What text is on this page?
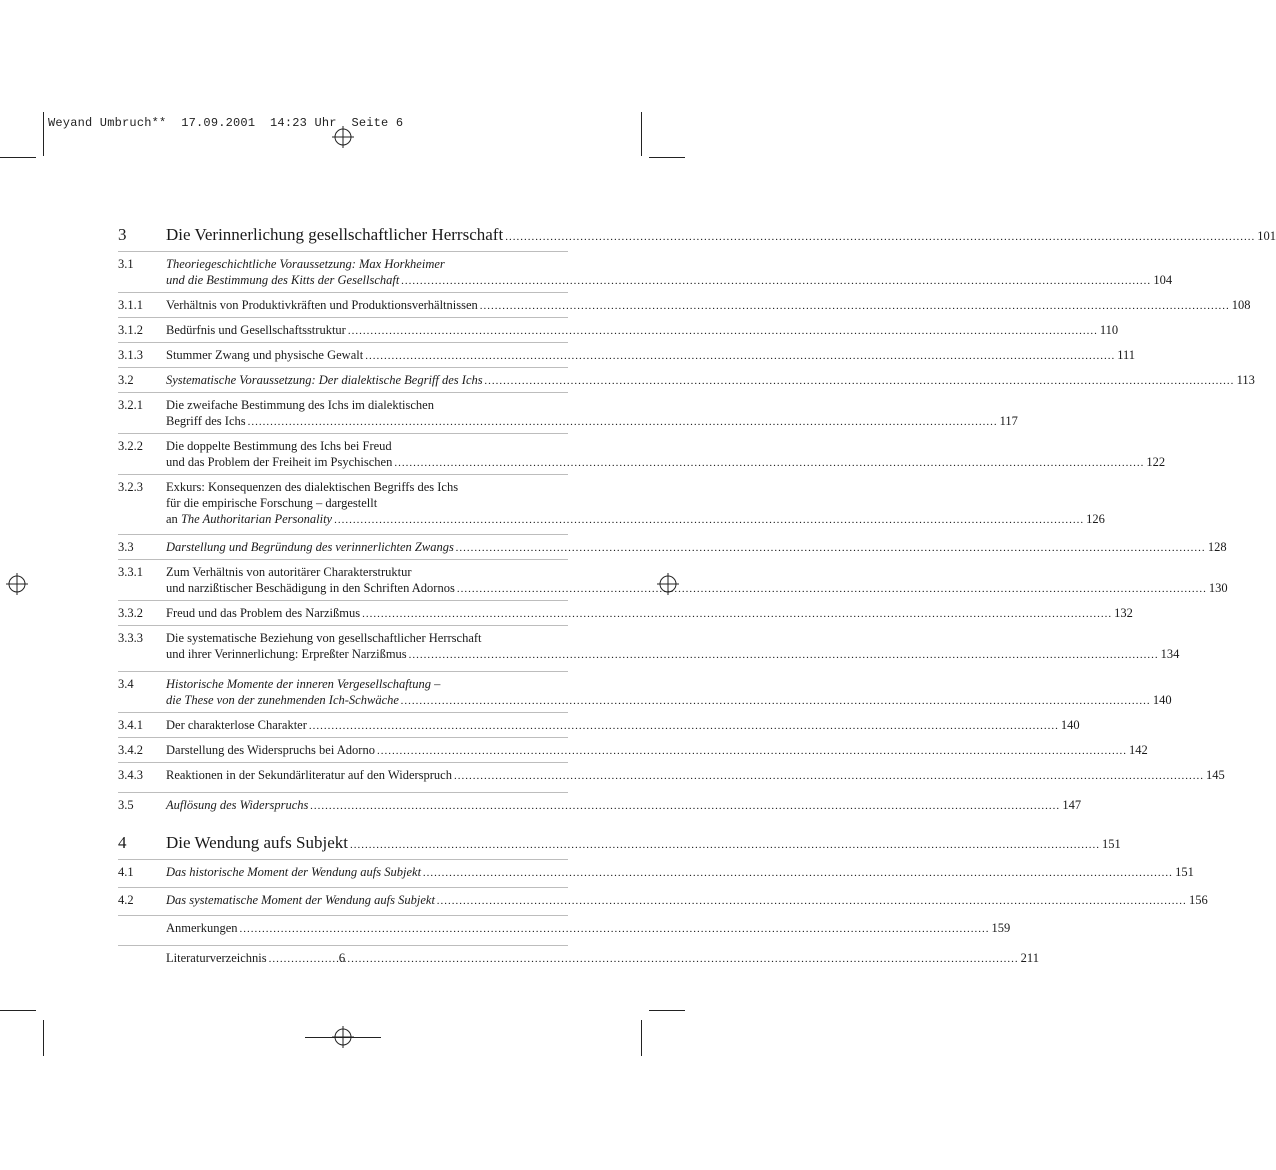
Weyand Umbruch**  17.09.2001  14:23 Uhr  Seite 6
3 Die Verinnerlichung gesellschaftlicher Herrschaft .....	101
3.1	Theoriegeschichtliche Voraussetzung: Max Horkheimer
und die Bestimmung des Kitts der Gesellschaft .....	104
3.1.1 Verhältnis von Produktivkräften und Produktionsverhältnissen .....	108
3.1.2 Bedürfnis und Gesellschaftsstruktur .....	110
3.1.3 Stummer Zwang und physische Gewalt .....	111
3.2	Systematische Voraussetzung: Der dialektische Begriff des Ichs .....	113
3.2.1 Die zweifache Bestimmung des Ichs im dialektischen
Begriff des Ichs .....	117
3.2.2 Die doppelte Bestimmung des Ichs bei Freud
und das Problem der Freiheit im Psychischen .....	122
3.2.3 Exkurs: Konsequenzen des dialektischen Begriffs des Ichs
für die empirische Forschung – dargestellt
an The Authoritarian Personality .....	126
3.3	Darstellung und Begründung des verinnerlichten Zwangs .....	128
3.3.1 Zum Verhältnis von autoritärer Charakterstruktur
und narzißtischer Beschädigung in den Schriften Adornos .....	130
3.3.2 Freud und das Problem des Narzißmus .....	132
3.3.3 Die systematische Beziehung von gesellschaftlicher Herrschaft
und ihrer Verinnerlichung: Erpreßter Narzißmus .....	134
3.4	Historische Momente der inneren Vergesellschaftung –
die These von der zunehmenden Ich-Schwäche .....	140
3.4.1 Der charakterlose Charakter .....	140
3.4.2 Darstellung des Widerspruchs bei Adorno .....	142
3.4.3 Reaktionen in der Sekundärliteratur auf den Widerspruch .....	145
3.5	Auflösung des Widerspruchs .....	147
4 Die Wendung aufs Subjekt .....	151
4.1	Das historische Moment der Wendung aufs Subjekt .....	151
4.2	Das systematische Moment der Wendung aufs Subjekt .....	156
Anmerkungen .....	159
Literaturverzeichnis .....	211
6
